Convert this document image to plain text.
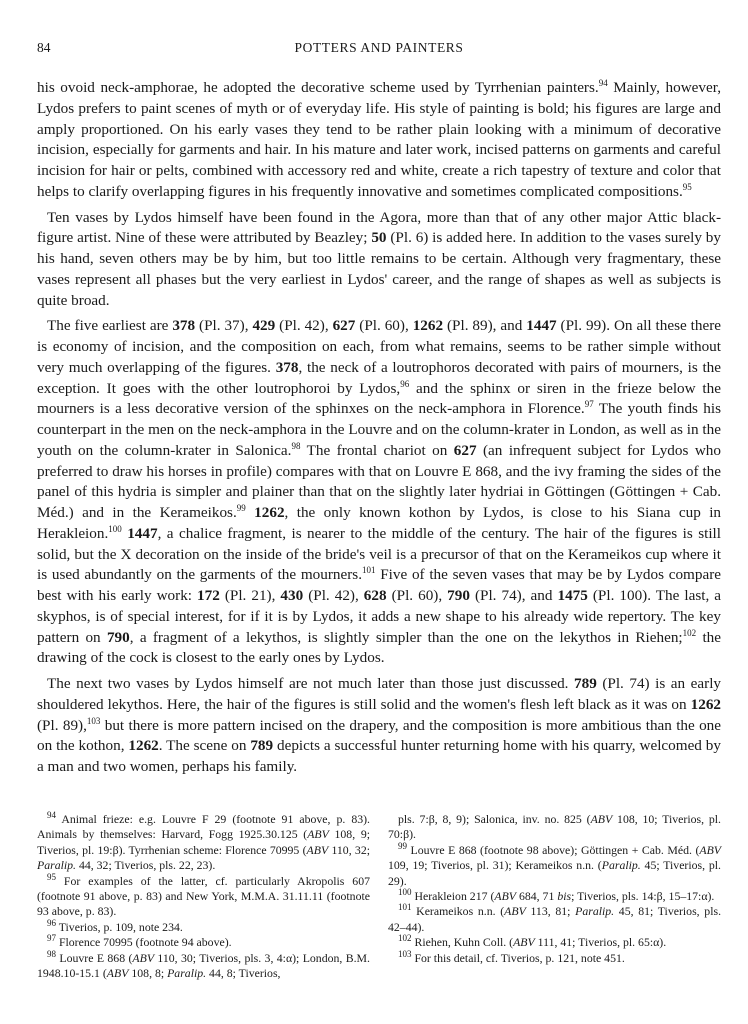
84	POTTERS AND PAINTERS

his ovoid neck-amphorae, he adopted the decorative scheme used by Tyrrhenian painters.$^{94}$ Mainly, however, Lydos prefers to paint scenes of myth or of everyday life. His style of painting is bold; his figures are large and amply proportioned. On his early vases they tend to be rather plain looking with a minimum of decorative incision, especially for garments and hair. In his mature and later work, incised patterns on garments and careful incision for hair or pelts, combined with accessory red and white, create a rich tapestry of texture and color that helps to clarify overlapping figures in his frequently innovative and sometimes complicated compositions.$^{95}$

Ten vases by Lydos himself have been found in the Agora, more than that of any other major Attic black-figure artist. Nine of these were attributed by Beazley; 50 (Pl. 6) is added here. In addition to the vases surely by his hand, seven others may be by him, but too little remains to be certain. Although very fragmentary, these vases represent all phases but the very earliest in Lydos' career, and the range of shapes as well as subjects is quite broad.

The five earliest are 378 (Pl. 37), 429 (Pl. 42), 627 (Pl. 60), 1262 (Pl. 89), and 1447 (Pl. 99). On all these there is economy of incision, and the composition on each, from what remains, seems to be rather simple without very much overlapping of the figures. 378, the neck of a loutrophoros decorated with pairs of mourners, is the exception. It goes with the other loutrophoroi by Lydos,$^{96}$ and the sphinx or siren in the frieze below the mourners is a less decorative version of the sphinxes on the neck-amphora in Florence.$^{97}$ The youth finds his counterpart in the men on the neck-amphora in the Louvre and on the column-krater in London, as well as in the youth on the column-krater in Salonica.$^{98}$ The frontal chariot on 627 (an infrequent subject for Lydos who preferred to draw his horses in profile) compares with that on Louvre E 868, and the ivy framing the sides of the panel of this hydria is simpler and plainer than that on the slightly later hydriai in Göttingen (Göttingen + Cab. Méd.) and in the Kerameikos.$^{99}$ 1262, the only known kothon by Lydos, is close to his Siana cup in Herakleion.$^{100}$ 1447, a chalice fragment, is nearer to the middle of the century. The hair of the figures is still solid, but the X decoration on the inside of the bride's veil is a precursor of that on the Kerameikos cup where it is used abundantly on the garments of the mourners.$^{101}$ Five of the seven vases that may be by Lydos compare best with his early work: 172 (Pl. 21), 430 (Pl. 42), 628 (Pl. 60), 790 (Pl. 74), and 1475 (Pl. 100). The last, a skyphos, is of special interest, for if it is by Lydos, it adds a new shape to his already wide repertory. The key pattern on 790, a fragment of a lekythos, is slightly simpler than the one on the lekythos in Riehen;$^{102}$ the drawing of the cock is closest to the early ones by Lydos.

The next two vases by Lydos himself are not much later than those just discussed. 789 (Pl. 74) is an early shouldered lekythos. Here, the hair of the figures is still solid and the women's flesh left black as it was on 1262 (Pl. 89),$^{103}$ but there is more pattern incised on the drapery, and the composition is more ambitious than the one on the kothon, 1262. The scene on 789 depicts a successful hunter returning home with his quarry, welcomed by a man and two women, perhaps his family.

$^{94}$ Animal frieze: e.g. Louvre F 29 (footnote 91 above, p. 83). Animals by themselves: Harvard, Fogg 1925.30.125 (ABV 108, 9; Tiverios, pl. 19:β). Tyrrhenian scheme: Florence 70995 (ABV 110, 32; Paralip. 44, 32; Tiverios, pls. 22, 23).

$^{95}$ For examples of the latter, cf. particularly Akropolis 607 (footnote 91 above, p. 83) and New York, M.M.A. 31.11.11 (footnote 93 above, p. 83).

$^{96}$ Tiverios, p. 109, note 234.

$^{97}$ Florence 70995 (footnote 94 above).

$^{98}$ Louvre E 868 (ABV 110, 30; Tiverios, pls. 3, 4:α); London, B.M. 1948.10-15.1 (ABV 108, 8; Paralip. 44, 8; Tiverios,

pls. 7:β, 8, 9); Salonica, inv. no. 825 (ABV 108, 10; Tiverios, pl. 70:β).

$^{99}$ Louvre E 868 (footnote 98 above); Göttingen + Cab. Méd. (ABV 109, 19; Tiverios, pl. 31); Kerameikos n.n. (Paralip. 45; Tiverios, pl. 29).

$^{100}$ Herakleion 217 (ABV 684, 71 bis; Tiverios, pls. 14:β, 15–17:α).

$^{101}$ Kerameikos n.n. (ABV 113, 81; Paralip. 45, 81; Tiverios, pls. 42–44).

$^{102}$ Riehen, Kuhn Coll. (ABV 111, 41; Tiverios, pl. 65:α).

$^{103}$ For this detail, cf. Tiverios, p. 121, note 451.
